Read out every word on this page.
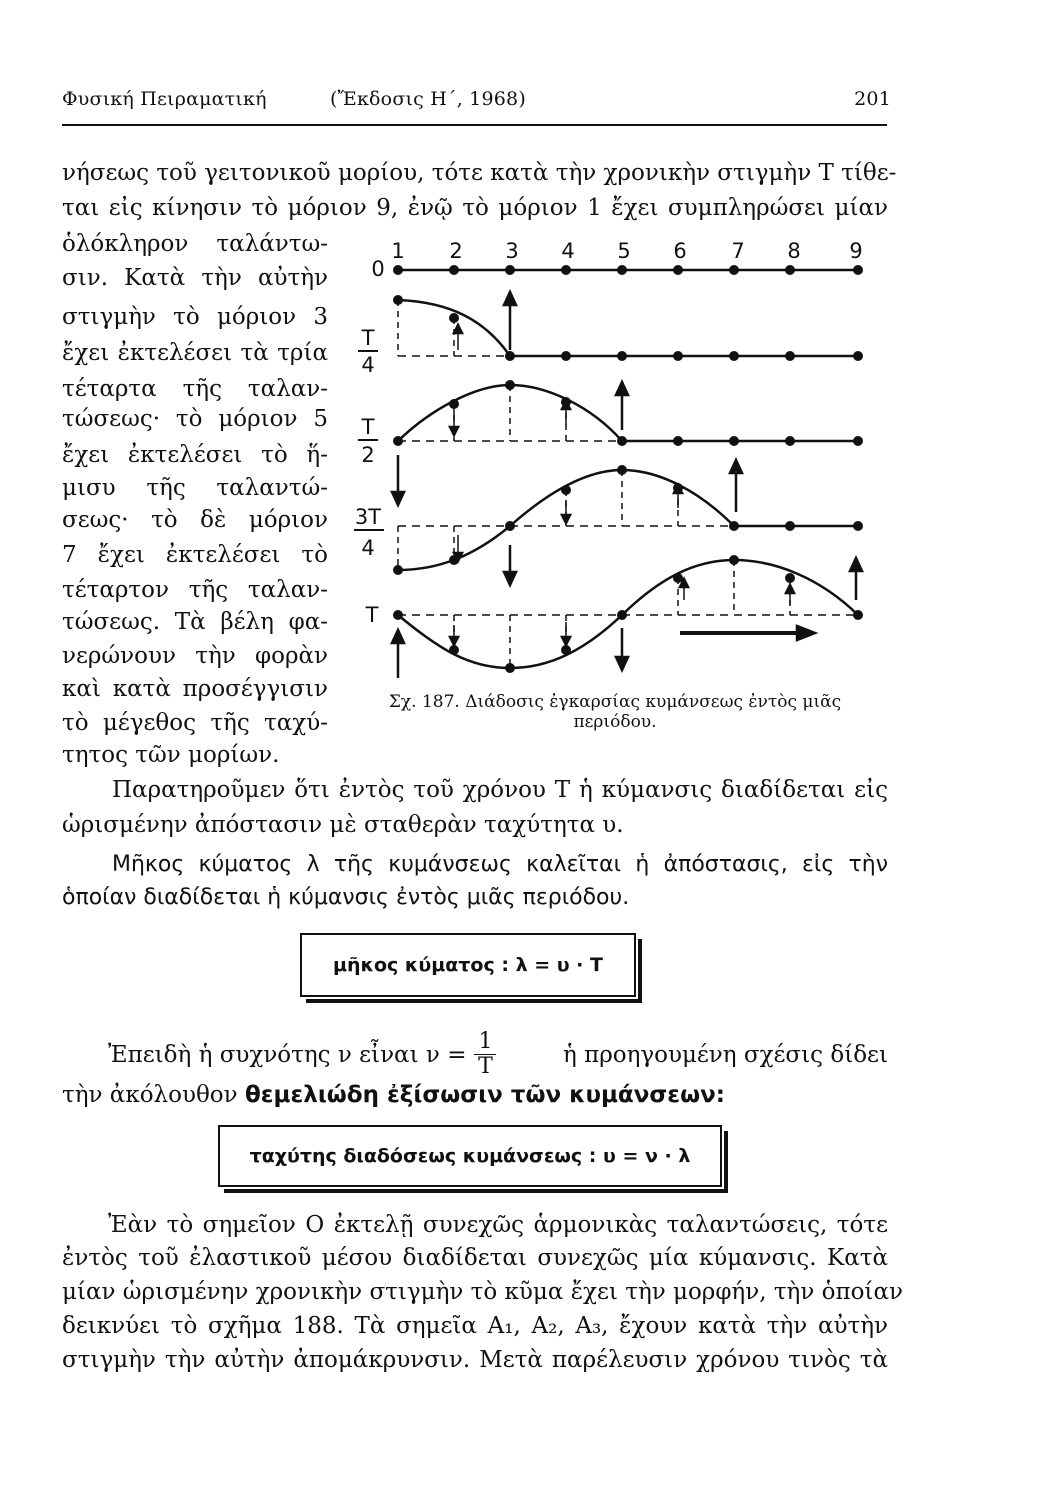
Φυσική Πειραματική	(Ἔκδοσις Η΄, 1968)	201
νήσεως τοῦ γειτονικοῦ μορίου, τότε κατὰ τὴν χρονικὴν στιγμὴν Τ τίθε-
ται εἰς κίνησιν τὸ μόριον 9, ἐνῷ τὸ μόριον 1 ἔχει συμπληρώσει μίαν
ὁλόκληρον ταλάντω-
σιν. Κατὰ τὴν αὐτὴν
στιγμὴν τὸ μόριον 3
ἔχει ἐκτελέσει τὰ τρία
τέταρτα τῆς ταλαν-
τώσεως· τὸ μόριον 5
ἔχει ἐκτελέσει τὸ ἥ-
μισυ τῆς ταλαντώ-
σεως· τὸ δὲ μόριον
7 ἔχει ἐκτελέσει τὸ
τέταρτον τῆς ταλαν-
τώσεως. Τὰ βέλη φα-
νερώνουν τὴν φορὰν
καὶ κατὰ προσέγγισιν
τὸ μέγεθος τῆς ταχύ-
τητος τῶν μορίων.
0
1 2 3 4 5 6 7 8 9
T
4
T
2
3T
4
T
Σχ. 187. Διάδοσις ἐγκαρσίας κυμάνσεως ἐντὸς μιᾶς
περιόδου.
Παρατηροῦμεν ὅτι ἐντὸς τοῦ χρόνου Τ ἡ κύμανσις διαδίδεται εἰς
ὡρισμένην ἀπόστασιν μὲ σταθερὰν ταχύτητα υ.
Μῆκος κύματος λ τῆς κυμάνσεως καλεῖται ἡ ἀπόστασις, εἰς τὴν
ὁποίαν διαδίδεται ἡ κύμανσις ἐντὸς μιᾶς περιόδου.
μῆκος κύματος : λ = υ · Τ
Ἐπειδὴ ἡ συχνότης ν εἶναι $\nu = \frac{1}{T}$	ἡ προηγουμένη σχέσις δίδει
τὴν ἀκόλουθον θεμελιώδη ἐξίσωσιν τῶν κυμάνσεων:
ταχύτης διαδόσεως κυμάνσεως : υ = ν · λ
Ἐὰν τὸ σημεῖον Ο ἐκτελῇ συνεχῶς ἁρμονικὰς ταλαντώσεις, τότε
ἐντὸς τοῦ ἐλαστικοῦ μέσου διαδίδεται συνεχῶς μία κύμανσις. Κατὰ
μίαν ὡρισμένην χρονικὴν στιγμὴν τὸ κῦμα ἔχει τὴν μορφήν, τὴν ὁποίαν
δεικνύει τὸ σχῆμα 188. Τὰ σημεῖα Α₁, Α₂, Α₃, ἔχουν κατὰ τὴν αὐτὴν
στιγμὴν τὴν αὐτὴν ἀπομάκρυνσιν. Μετὰ παρέλευσιν χρόνου τινὸς τὰ
